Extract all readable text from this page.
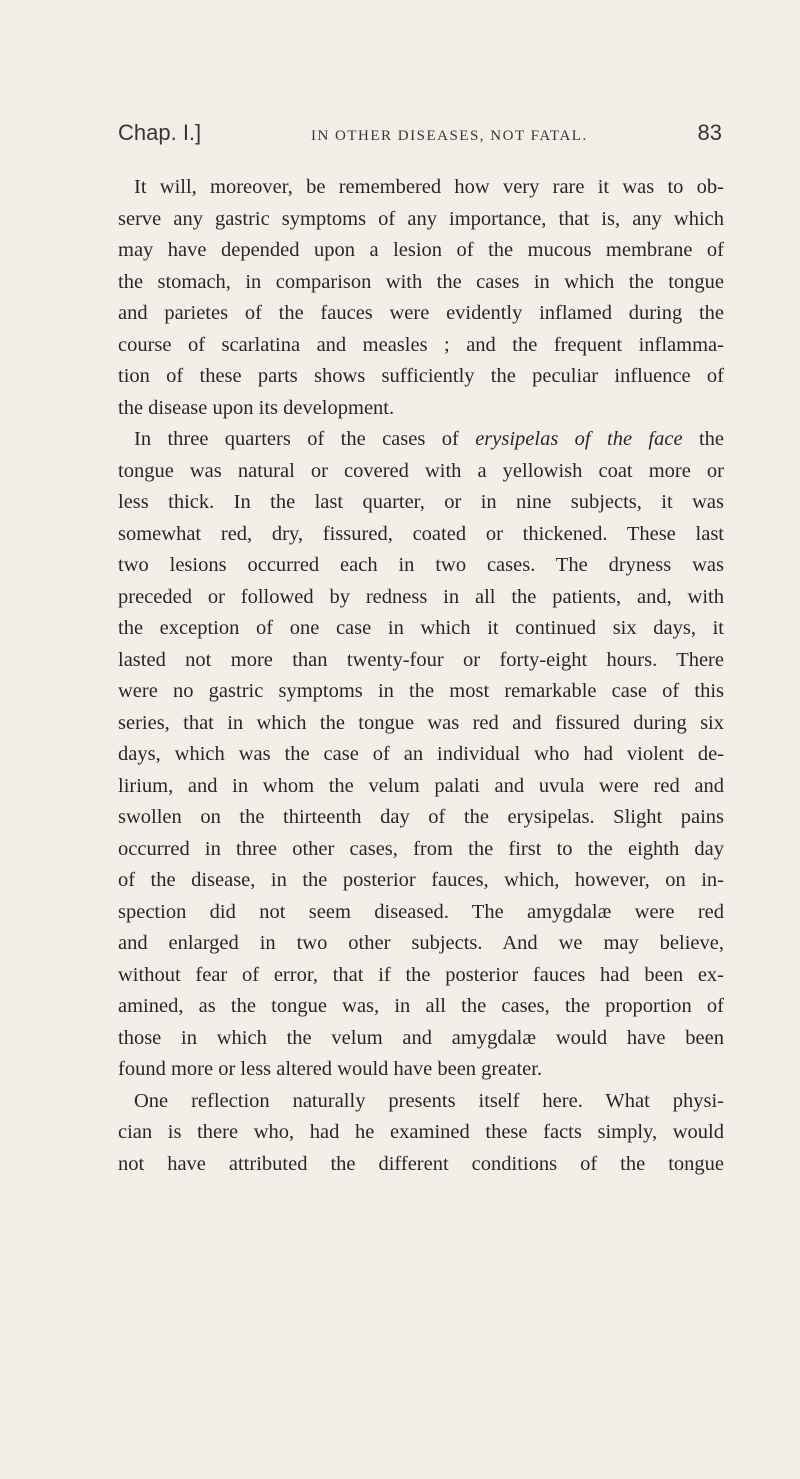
Chap. I.]	IN OTHER DISEASES, NOT FATAL.	83
It will, moreover, be remembered how very rare it was to ob-
serve any gastric symptoms of any importance, that is, any which
may have depended upon a lesion of the mucous membrane of
the stomach, in comparison with the cases in which the tongue
and parietes of the fauces were evidently inflamed during the
course of scarlatina and measles ; and the frequent inflamma-
tion of these parts shows sufficiently the peculiar influence of
the disease upon its development.
In three quarters of the cases of erysipelas of the face the
tongue was natural or covered with a yellowish coat more or
less thick. In the last quarter, or in nine subjects, it was
somewhat red, dry, fissured, coated or thickened. These last
two lesions occurred each in two cases. The dryness was
preceded or followed by redness in all the patients, and, with
the exception of one case in which it continued six days, it
lasted not more than twenty-four or forty-eight hours. There
were no gastric symptoms in the most remarkable case of this
series, that in which the tongue was red and fissured during six
days, which was the case of an individual who had violent de-
lirium, and in whom the velum palati and uvula were red and
swollen on the thirteenth day of the erysipelas. Slight pains
occurred in three other cases, from the first to the eighth day
of the disease, in the posterior fauces, which, however, on in-
spection did not seem diseased. The amygdalæ were red
and enlarged in two other subjects. And we may believe,
without fear of error, that if the posterior fauces had been ex-
amined, as the tongue was, in all the cases, the proportion of
those in which the velum and amygdalæ would have been
found more or less altered would have been greater.
One reflection naturally presents itself here. What physi-
cian is there who, had he examined these facts simply, would
not have attributed the different conditions of the tongue
